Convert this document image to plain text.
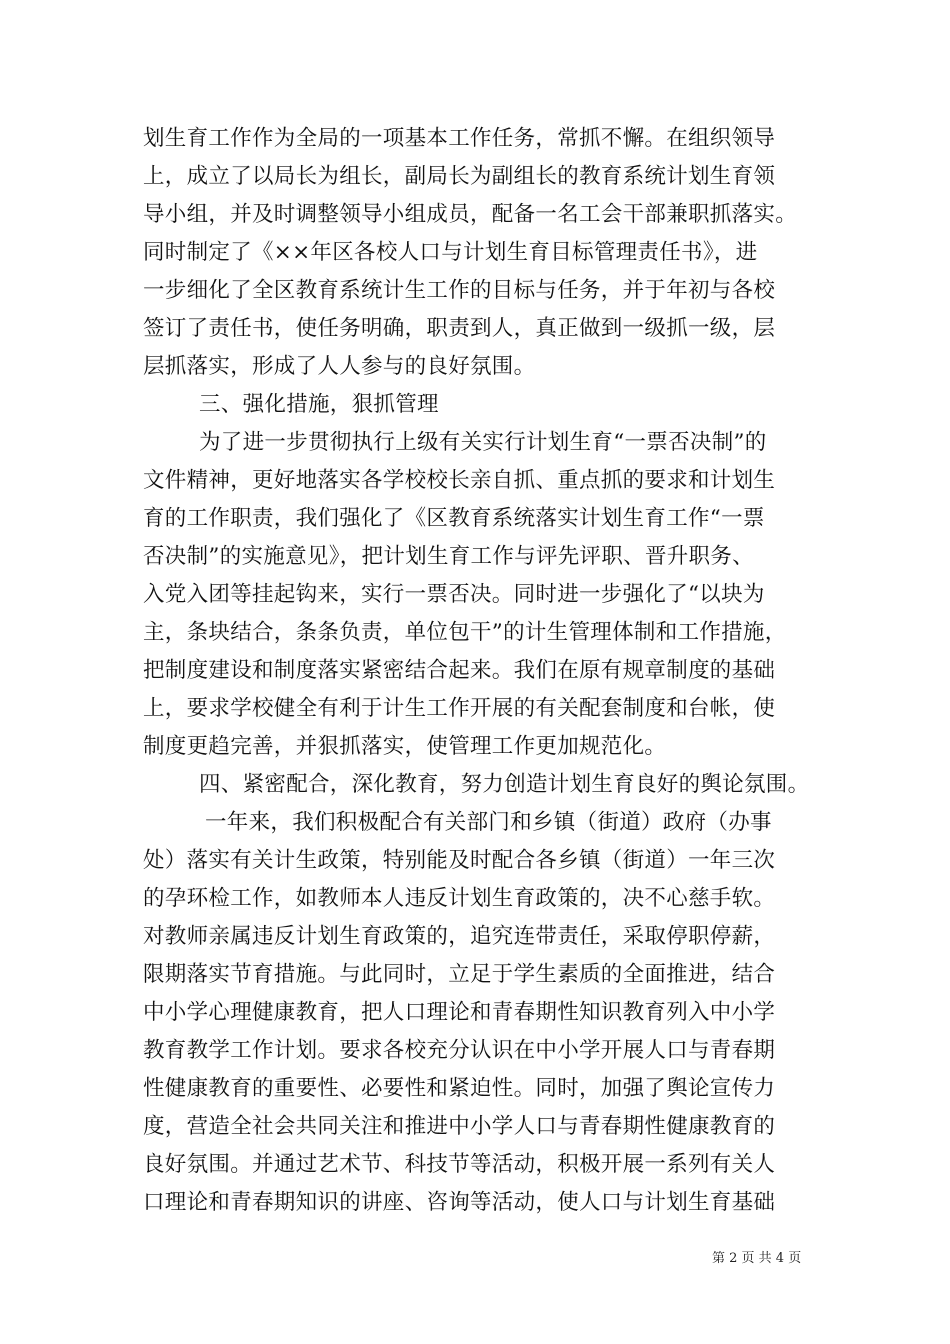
划生育工作作为全局的一项基本工作任务，常抓不懈。在组织领导
上，成立了以局长为组长，副局长为副组长的教育系统计划生育领
导小组，并及时调整领导小组成员，配备一名工会干部兼职抓落实。
同时制定了《××年区各校人口与计划生育目标管理责任书》，进
一步细化了全区教育系统计生工作的目标与任务，并于年初与各校
签订了责任书，使任务明确，职责到人，真正做到一级抓一级，层
层抓落实，形成了人人参与的良好氛围。
三、强化措施，狠抓管理
为了进一步贯彻执行上级有关实行计划生育“一票否决制”的
文件精神，更好地落实各学校校长亲自抓、重点抓的要求和计划生
育的工作职责，我们强化了《区教育系统落实计划生育工作“一票
否决制”的实施意见》，把计划生育工作与评先评职、晋升职务、
入党入团等挂起钩来，实行一票否决。同时进一步强化了“以块为
主，条块结合，条条负责，单位包干”的计生管理体制和工作措施，
把制度建设和制度落实紧密结合起来。我们在原有规章制度的基础
上，要求学校健全有利于计生工作开展的有关配套制度和台帐，使
制度更趋完善，并狠抓落实，使管理工作更加规范化。
四、紧密配合，深化教育，努力创造计划生育良好的舆论氛围。
一年来，我们积极配合有关部门和乡镇（街道）政府（办事
处）落实有关计生政策，特别能及时配合各乡镇（街道）一年三次
的孕环检工作，如教师本人违反计划生育政策的，决不心慈手软。
对教师亲属违反计划生育政策的，追究连带责任，采取停职停薪，
限期落实节育措施。与此同时，立足于学生素质的全面推进，结合
中小学心理健康教育，把人口理论和青春期性知识教育列入中小学
教育教学工作计划。要求各校充分认识在中小学开展人口与青春期
性健康教育的重要性、必要性和紧迫性。同时，加强了舆论宣传力
度，营造全社会共同关注和推进中小学人口与青春期性健康教育的
良好氛围。并通过艺术节、科技节等活动，积极开展一系列有关人
口理论和青春期知识的讲座、咨询等活动，使人口与计划生育基础
第 2 页 共 4 页
